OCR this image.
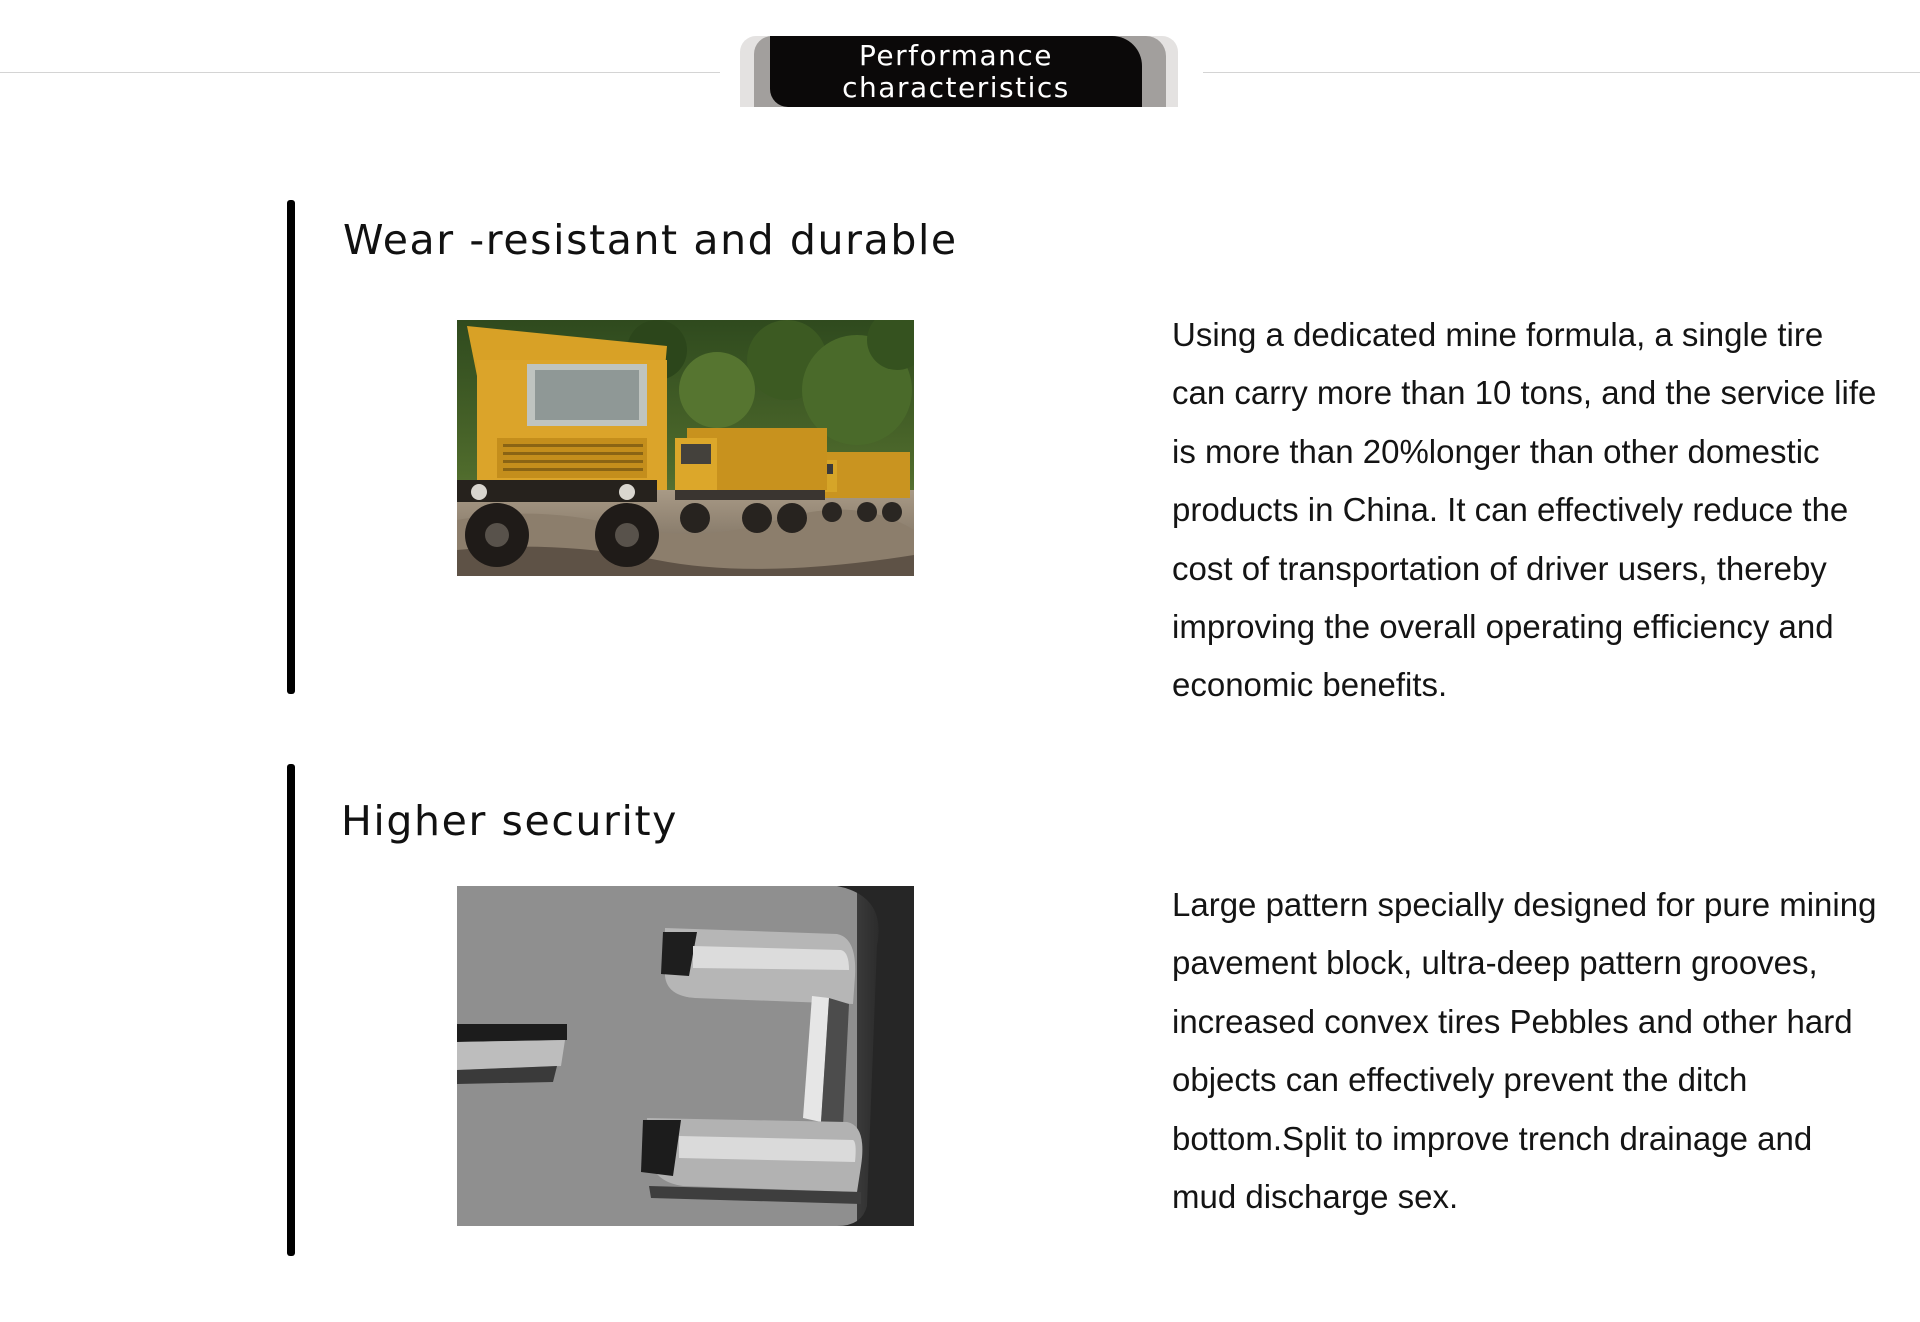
Performance characteristics
Wear -resistant and durable

Using a dedicated mine formula, a single tire can carry more than 10 tons, and the service life is more than 20%longer than other domestic products in China. It can effectively reduce the cost of transportation of driver users, thereby improving the overall operating efficiency and economic benefits.

Higher security

Large pattern specially designed for pure mining pavement block, ultra-deep pattern grooves, increased convex tires Pebbles and other hard objects can effectively prevent the ditch bottom.Split to improve trench drainage and mud discharge sex.
